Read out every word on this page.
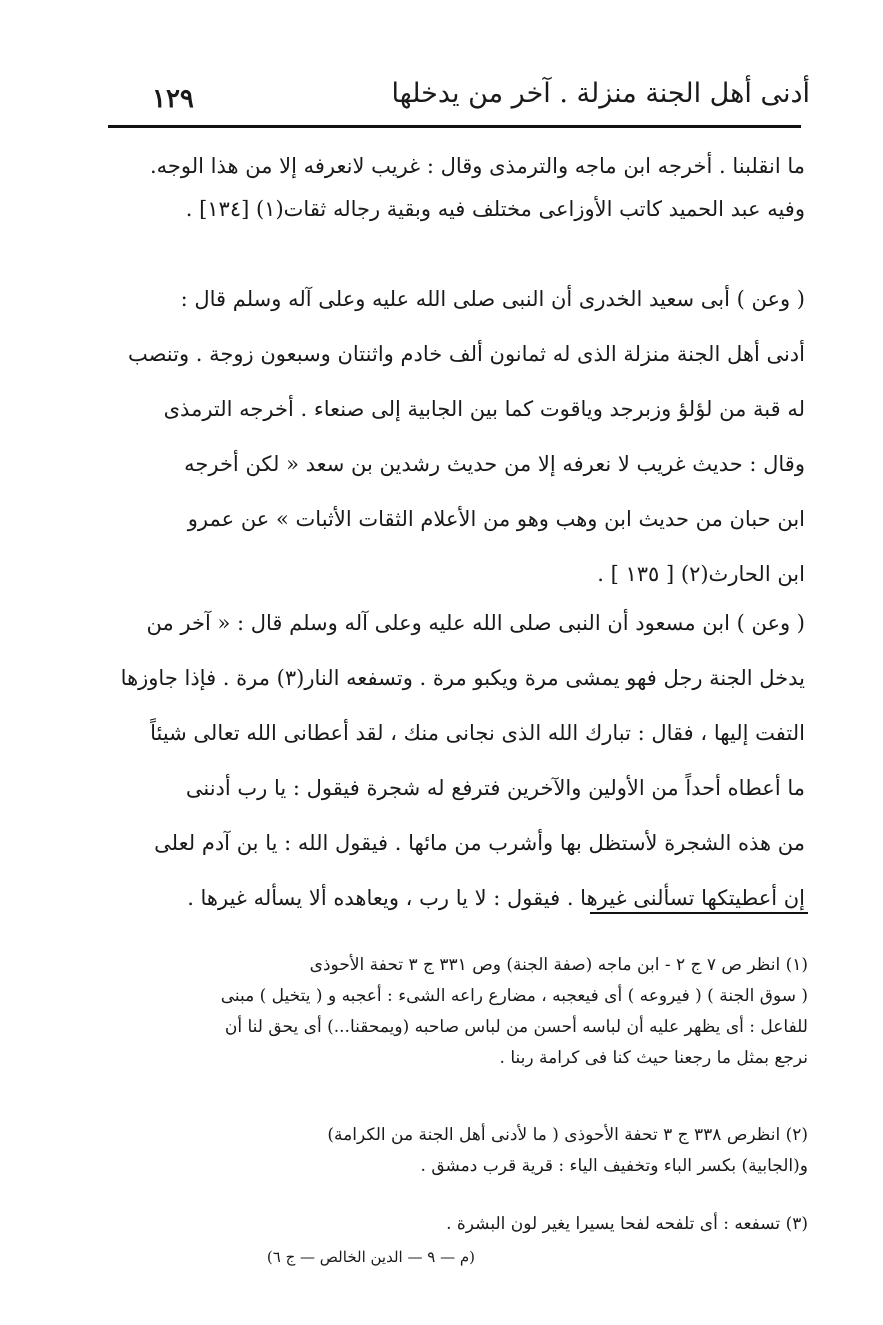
أدنى أهل الجنة منزلة . آخر من يدخلها
١٢٩
ما انقلبنا . أخرجه ابن ماجه والترمذى وقال : غريب لانعرفه إلا من هذا الوجه.
وفيه عبد الحميد كاتب الأوزاعى مختلف فيه وبقية رجاله ثقات(١) [١٣٤] .
( وعن ) أبى سعيد الخدرى أن النبى صلى الله عليه وعلى آله وسلم قال :
أدنى أهل الجنة منزلة الذى له ثمانون ألف خادم واثنتان وسبعون زوجة . وتنصب
له قبة من لؤلؤ وزبرجد وياقوت كما بين الجابية إلى صنعاء . أخرجه الترمذى
وقال : حديث غريب لا نعرفه إلا من حديث رشدين بن سعد « لكن أخرجه
ابن حبان من حديث ابن وهب وهو من الأعلام الثقات الأثبات » عن عمرو
ابن الحارث(٢) [ ١٣٥ ] .
( وعن ) ابن مسعود أن النبى صلى الله عليه وعلى آله وسلم قال : « آخر من
يدخل الجنة رجل فهو يمشى مرة ويكبو مرة . وتسفعه النار(٣) مرة . فإذا جاوزها
التفت إليها ، فقال : تبارك الله الذى نجانى منك ، لقد أعطانى الله تعالى شيئاً
ما أعطاه أحداً من الأولين والآخرين فترفع له شجرة فيقول : يا رب أدننى
من هذه الشجرة لأستظل بها وأشرب من مائها . فيقول الله : يا بن آدم لعلى
إن أعطيتكها تسألنى غيرها . فيقول : لا يا رب ، ويعاهده ألا يسأله غيرها .
(١) انظر ص ٧ ج ٢ - ابن ماجه (صفة الجنة) وص ٣٣١ ج ٣ تحفة الأحوذى
( سوق الجنة ) ( فيروعه ) أى فيعجبه ، مضارع راعه الشىء : أعجبه و ( يتخيل ) مبنى
للفاعل : أى يظهر عليه أن لباسه أحسن من لباس صاحبه (ويمحقنا...) أى يحق لنا أن
نرجع بمثل ما رجعنا حيث كنا فى كرامة ربنا .
(٢) انظرص ٣٣٨ ج ٣ تحفة الأحوذى ( ما لأدنى أهل الجنة من الكرامة)
و(الجابية) بكسر الباء وتخفيف الياء : قرية قرب دمشق .
(٣) تسفعه : أى تلفحه لفحا يسيرا يغير لون البشرة .
(م — ٩ — الدين الخالص — ج ٦)
